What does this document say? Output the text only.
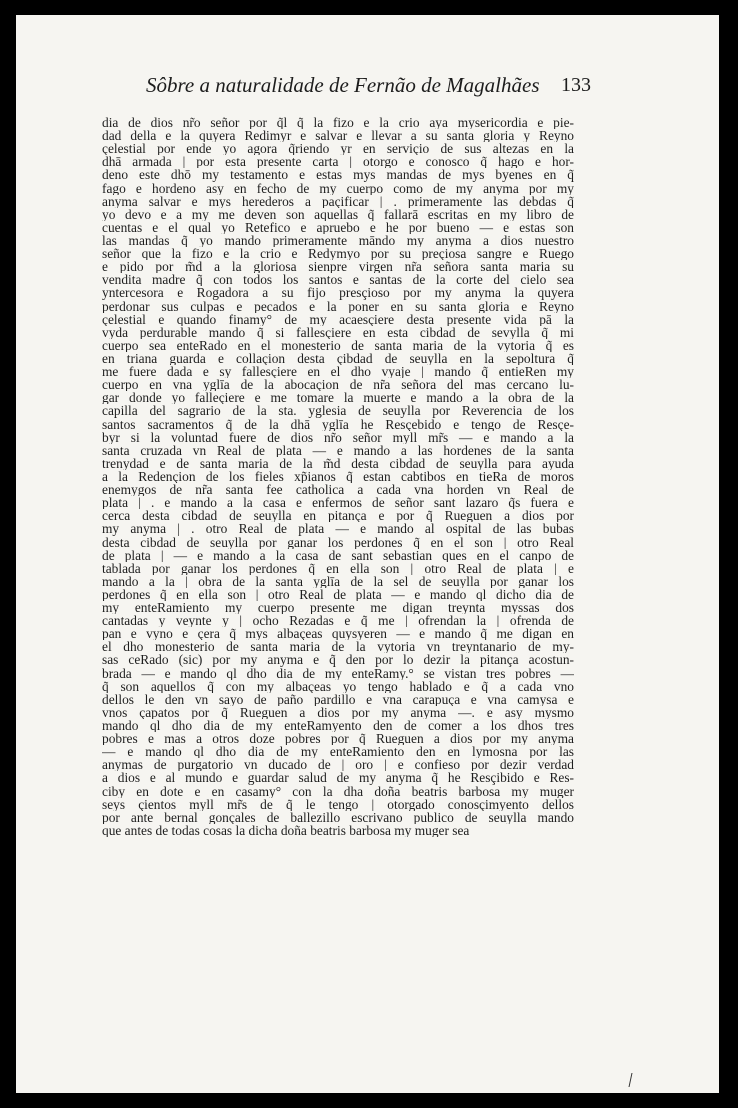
Sôbre a naturalidade de Fernão de Magalhães 133
dia de dios nr̃o señor por q̃l q̃ la fizo e la crio aya mysericordia e pie-
dad della e la quyera Redimyr e salvar e llevar a su santa gloria y Reyno
çelestial por ende yo agora q̃riendo yr en serviçio de sus altezas en la
dhā armada | por esta presente carta | otorgo e conosco q̃ hago e hor-
deno este dhō my testamento e estas mys mandas de mys byenes en q̃
fago e hordeno asy en fecho de my cuerpo como de my anyma por my
anyma salvar e mys herederos a paçificar | . primeramente las debdas q̃
yo devo e a my me deven son aquellas q̃ fallarā escritas en my libro de
cuentas e el qual yo Retefico e apruebo e he por bueno — e estas son
las mandas q̃ yo mando primeramente māndo my anyma a dios nuestro
señor que la fizo e la crio e Redymyo por su preçiosa sangre e Ruego
e pido por m̃d a la gloriosa sienpre virgen nr̃a señora santa maria su
vendita madre q̃ con todos los santos e santas de la corte del cielo sea
yntercesora e Rogadora a su fijo presçioso por my anyma la quyera
perdonar sus culpas e pecados e la poner en su santa gloria e Reyno
çelestial e quando finamy° de my acaesçiere desta presente vida pā la
vyda perdurable mando q̃ si fallesçiere en esta cibdad de sevylla q̃ mi
cuerpo sea enteRado en el monesterio de santa maria de la vytoria q̃ es
en triana guarda e collaçion desta çibdad de seuylla en la sepoltura q̃
me fuere dada e sy fallesçiere en el dho vyaje | mando q̃ entieRen my
cuerpo en vna yglīa de la abocaçion de nr̃a señora del mas cercano lu-
gar donde yo falleçiere e me tomare la muerte e mando a la obra de la
capilla del sagrario de la sta. yglesia de seuylla por Reverencia de los
santos sacramentos q̃ de la dhā yglīa he Resçebido e tengo de Resçe-
byr si la voluntad fuere de dios nr̃o señor myll mr̃s — e mando a la
santa cruzada vn Real de plata — e mando a las hordenes de la santa
trenydad e de santa maria de la m̃d desta cibdad de seuylla para ayuda
a la Redençion de los fieles xp̃ianos q̃ estan cabtibos en tieRa de moros
enemygos de nr̃a santa fee catholica a cada vna horden vn Real de
plata | . e mando a la casa e enfermos de señor sant lazaro q̃s fuera e
cerca desta cibdad de seuylla en pitança e por q̃ Rueguen a dios por
my anyma | . otro Real de plata — e mando al ospital de las bubas
desta cibdad de seuylla por ganar los perdones q̃ en el son | otro Real
de plata | — e mando a la casa de sant sebastian ques en el canpo de
tablada por ganar los perdones q̃ en ella son | otro Real de plata | e
mando a la | obra de la santa yglīa de la sel de seuylla por ganar los
perdones q̃ en ella son | otro Real de plata — e mando ql dicho dia de
my enteRamiento my cuerpo presente me digan treynta myssas dos
cantadas y veynte y | ocho Rezadas e q̃ me | ofrendan la | ofrenda de
pan e vyno e çera q̃ mys albaçeas quysyeren — e mando q̃ me digan en
el dho monesterio de santa maria de la vytoria vn treyntanario de my-
sas ceRado (sic) por my anyma e q̃ den por lo dezir la pitança acostun-
brada — e mando ql dho dia de my enteRamy.° se vistan tres pobres —
q̃ son aquellos q̃ con my albaçeas yo tengo hablado e q̃ a cada vno
dellos le den vn sayo de paño pardillo e vna carapuça e vna camysa e
vnos çapatos por q̃ Rueguen a dios por my anyma —. e asy mysmo
mando ql dho dia de my enteRamyento den de comer a los dhos tres
pobres e mas a otros doze pobres por q̃ Rueguen a dios por my anyma
— e mando ql dho dia de my enteRamiento den en lymosna por las
anymas de purgatorio vn ducado de | oro | e confieso por dezir verdad
a dios e al mundo e guardar salud de my anyma q̃ he Resçibido e Res-
ciby en dote e en casamy° con la dha doña beatris barbosa my muger
seys çientos myll mr̃s de q̃ le tengo | otorgado conosçimyento dellos
por ante bernal gonçales de ballezillo escrivano publico de seuylla mando
que antes de todas cosas la dicha doña beatris barbosa my muger sea
